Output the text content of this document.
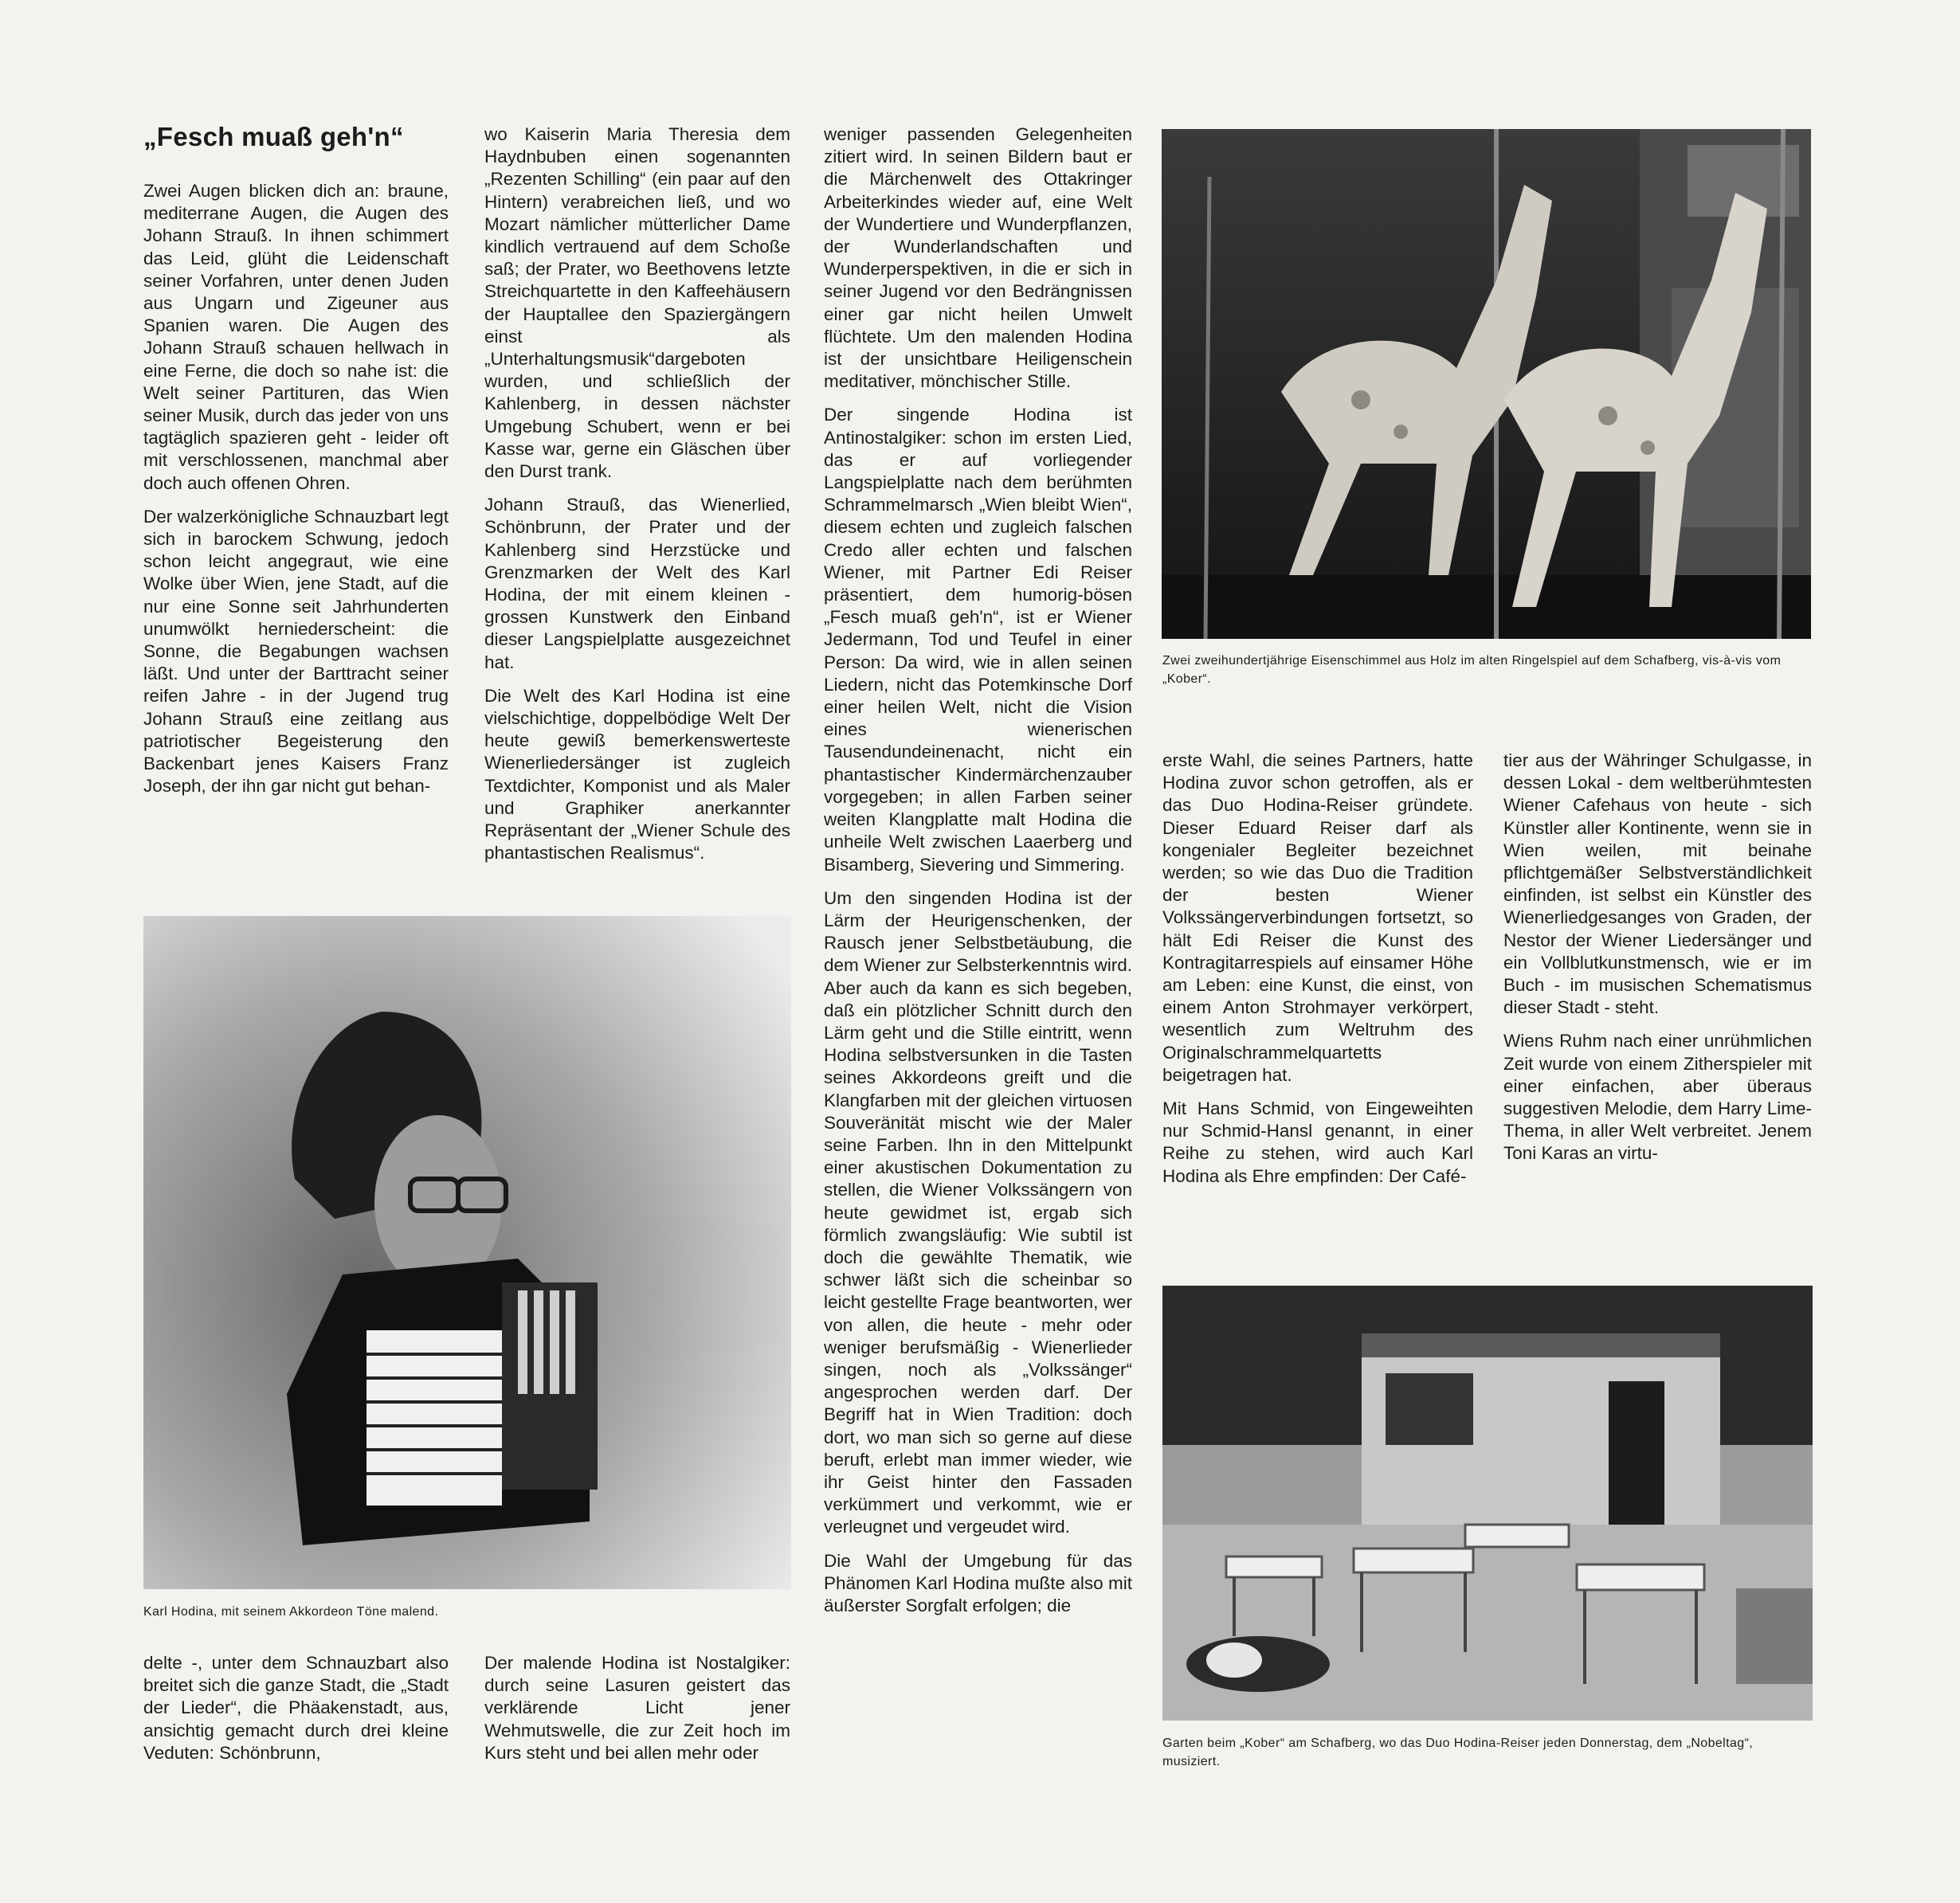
„Fesch muaß geh'n“

Zwei Augen blicken dich an: braune, mediterrane Augen, die Augen des Johann Strauß. In ihnen schimmert das Leid, glüht die Leidenschaft seiner Vorfahren, unter denen Juden aus Ungarn und Zigeuner aus Spanien waren. Die Augen des Johann Strauß schauen hellwach in eine Ferne, die doch so nahe ist: die Welt seiner Partituren, das Wien seiner Musik, durch das jeder von uns tagtäglich spazieren geht - leider oft mit verschlossenen, manchmal aber doch auch offenen Ohren.

Der walzerkönigliche Schnauzbart legt sich in barockem Schwung, jedoch schon leicht angegraut, wie eine Wolke über Wien, jene Stadt, auf die nur eine Sonne seit Jahrhunderten unumwölkt herniederscheint: die Sonne, die Begabungen wachsen läßt. Und unter der Barttracht seiner reifen Jahre - in der Jugend trug Johann Strauß eine zeitlang aus patriotischer Begeisterung den Backenbart jenes Kaisers Franz Joseph, der ihn gar nicht gut behan-

wo Kaiserin Maria Theresia dem Haydnbuben einen sogenannten „Rezenten Schilling“ (ein paar auf den Hintern) verabreichen ließ, und wo Mozart nämlicher mütterlicher Dame kindlich vertrauend auf dem Schoße saß; der Prater, wo Beethovens letzte Streichquartette in den Kaffeehäusern der Hauptallee den Spaziergängern einst als „Unterhaltungsmusik“dargeboten wurden, und schließlich der Kahlenberg, in dessen nächster Umgebung Schubert, wenn er bei Kasse war, gerne ein Gläschen über den Durst trank.

Johann Strauß, das Wienerlied, Schönbrunn, der Prater und der Kahlenberg sind Herzstücke und Grenzmarken der Welt des Karl Hodina, der mit einem kleinen - grossen Kunstwerk den Einband dieser Langspielplatte ausgezeichnet hat.

Die Welt des Karl Hodina ist eine vielschichtige, doppelbödige Welt Der heute gewiß bemerkenswerteste Wienerliedersänger ist zugleich Textdichter, Komponist und als Maler und Graphiker anerkannter Repräsentant der „Wiener Schule des phantastischen Realismus“.

weniger passenden Gelegenheiten zitiert wird. In seinen Bildern baut er die Märchenwelt des Ottakringer Arbeiterkindes wieder auf, eine Welt der Wundertiere und Wunderpflanzen, der Wunderlandschaften und Wunderperspektiven, in die er sich in seiner Jugend vor den Bedrängnissen einer gar nicht heilen Umwelt flüchtete. Um den malenden Hodina ist der unsichtbare Heiligenschein meditativer, mönchischer Stille.

Der singende Hodina ist Antinostalgiker: schon im ersten Lied, das er auf vorliegender Langspielplatte nach dem berühmten Schrammelmarsch „Wien bleibt Wien“, diesem echten und zugleich falschen Credo aller echten und falschen Wiener, mit Partner Edi Reiser präsentiert, dem humorig-bösen „Fesch muaß geh'n“, ist er Wiener Jedermann, Tod und Teufel in einer Person: Da wird, wie in allen seinen Liedern, nicht das Potemkinsche Dorf einer heilen Welt, nicht die Vision eines wienerischen Tausendundeinenacht, nicht ein phantastischer Kindermärchenzauber vorgegeben; in allen Farben seiner weiten Klangplatte malt Hodina die unheile Welt zwischen Laaerberg und Bisamberg, Sievering und Simmering.

Um den singenden Hodina ist der Lärm der Heurigenschenken, der Rausch jener Selbstbetäubung, die dem Wiener zur Selbsterkenntnis wird. Aber auch da kann es sich begeben, daß ein plötzlicher Schnitt durch den Lärm geht und die Stille eintritt, wenn Hodina selbstversunken in die Tasten seines Akkordeons greift und die Klangfarben mit der gleichen virtuosen Souveränität mischt wie der Maler seine Farben. Ihn in den Mittelpunkt einer akustischen Dokumentation zu stellen, die Wiener Volkssängern von heute gewidmet ist, ergab sich förmlich zwangsläufig: Wie subtil ist doch die gewählte Thematik, wie schwer läßt sich die scheinbar so leicht gestellte Frage beantworten, wer von allen, die heute - mehr oder weniger berufsmäßig - Wienerlieder singen, noch als „Volkssänger“ angesprochen werden darf. Der Begriff hat in Wien Tradition: doch dort, wo man sich so gerne auf diese beruft, erlebt man immer wieder, wie ihr Geist hinter den Fassaden verkümmert und verkommt, wie er verleugnet und vergeudet wird.

Die Wahl der Umgebung für das Phänomen Karl Hodina mußte also mit äußerster Sorgfalt erfolgen; die

erste Wahl, die seines Partners, hatte Hodina zuvor schon getroffen, als er das Duo Hodina-Reiser gründete. Dieser Eduard Reiser darf als kongenialer Begleiter bezeichnet werden; so wie das Duo die Tradition der besten Wiener Volkssängerverbindungen fortsetzt, so hält Edi Reiser die Kunst des Kontragitarrespiels auf einsamer Höhe am Leben: eine Kunst, die einst, von einem Anton Strohmayer verkörpert, wesentlich zum Weltruhm des Originalschrammelquartetts beigetragen hat.

Mit Hans Schmid, von Eingeweihten nur Schmid-Hansl genannt, in einer Reihe zu stehen, wird auch Karl Hodina als Ehre empfinden: Der Café-

tier aus der Währinger Schulgasse, in dessen Lokal - dem weltberühmtesten Wiener Cafehaus von heute - sich Künstler aller Kontinente, wenn sie in Wien weilen, mit beinahe pflichtgemäßer Selbstverständlichkeit einfinden, ist selbst ein Künstler des Wienerliedgesanges von Graden, der Nestor der Wiener Liedersänger und ein Vollblutkunstmensch, wie er im Buch - im musischen Schematismus dieser Stadt - steht.

Wiens Ruhm nach einer unrühmlichen Zeit wurde von einem Zitherspieler mit einer einfachen, aber überaus suggestiven Melodie, dem Harry Lime-Thema, in aller Welt verbreitet. Jenem Toni Karas an virtu-

delte -, unter dem Schnauzbart also breitet sich die ganze Stadt, die „Stadt der Lieder“, die Phäakenstadt, aus, ansichtig gemacht durch drei kleine Veduten: Schönbrunn,

Der malende Hodina ist Nostalgiker: durch seine Lasuren geistert das verklärende Licht jener Wehmutswelle, die zur Zeit hoch im Kurs steht und bei allen mehr oder

Zwei zweihundertjährige Eisenschimmel aus Holz im alten Ringelspiel auf dem Schafberg, vis-à-vis vom „Kober“.
Karl Hodina, mit seinem Akkordeon Töne malend.
Garten beim „Kober“ am Schafberg, wo das Duo Hodina-Reiser jeden Donnerstag, dem „Nobeltag“, musiziert.
